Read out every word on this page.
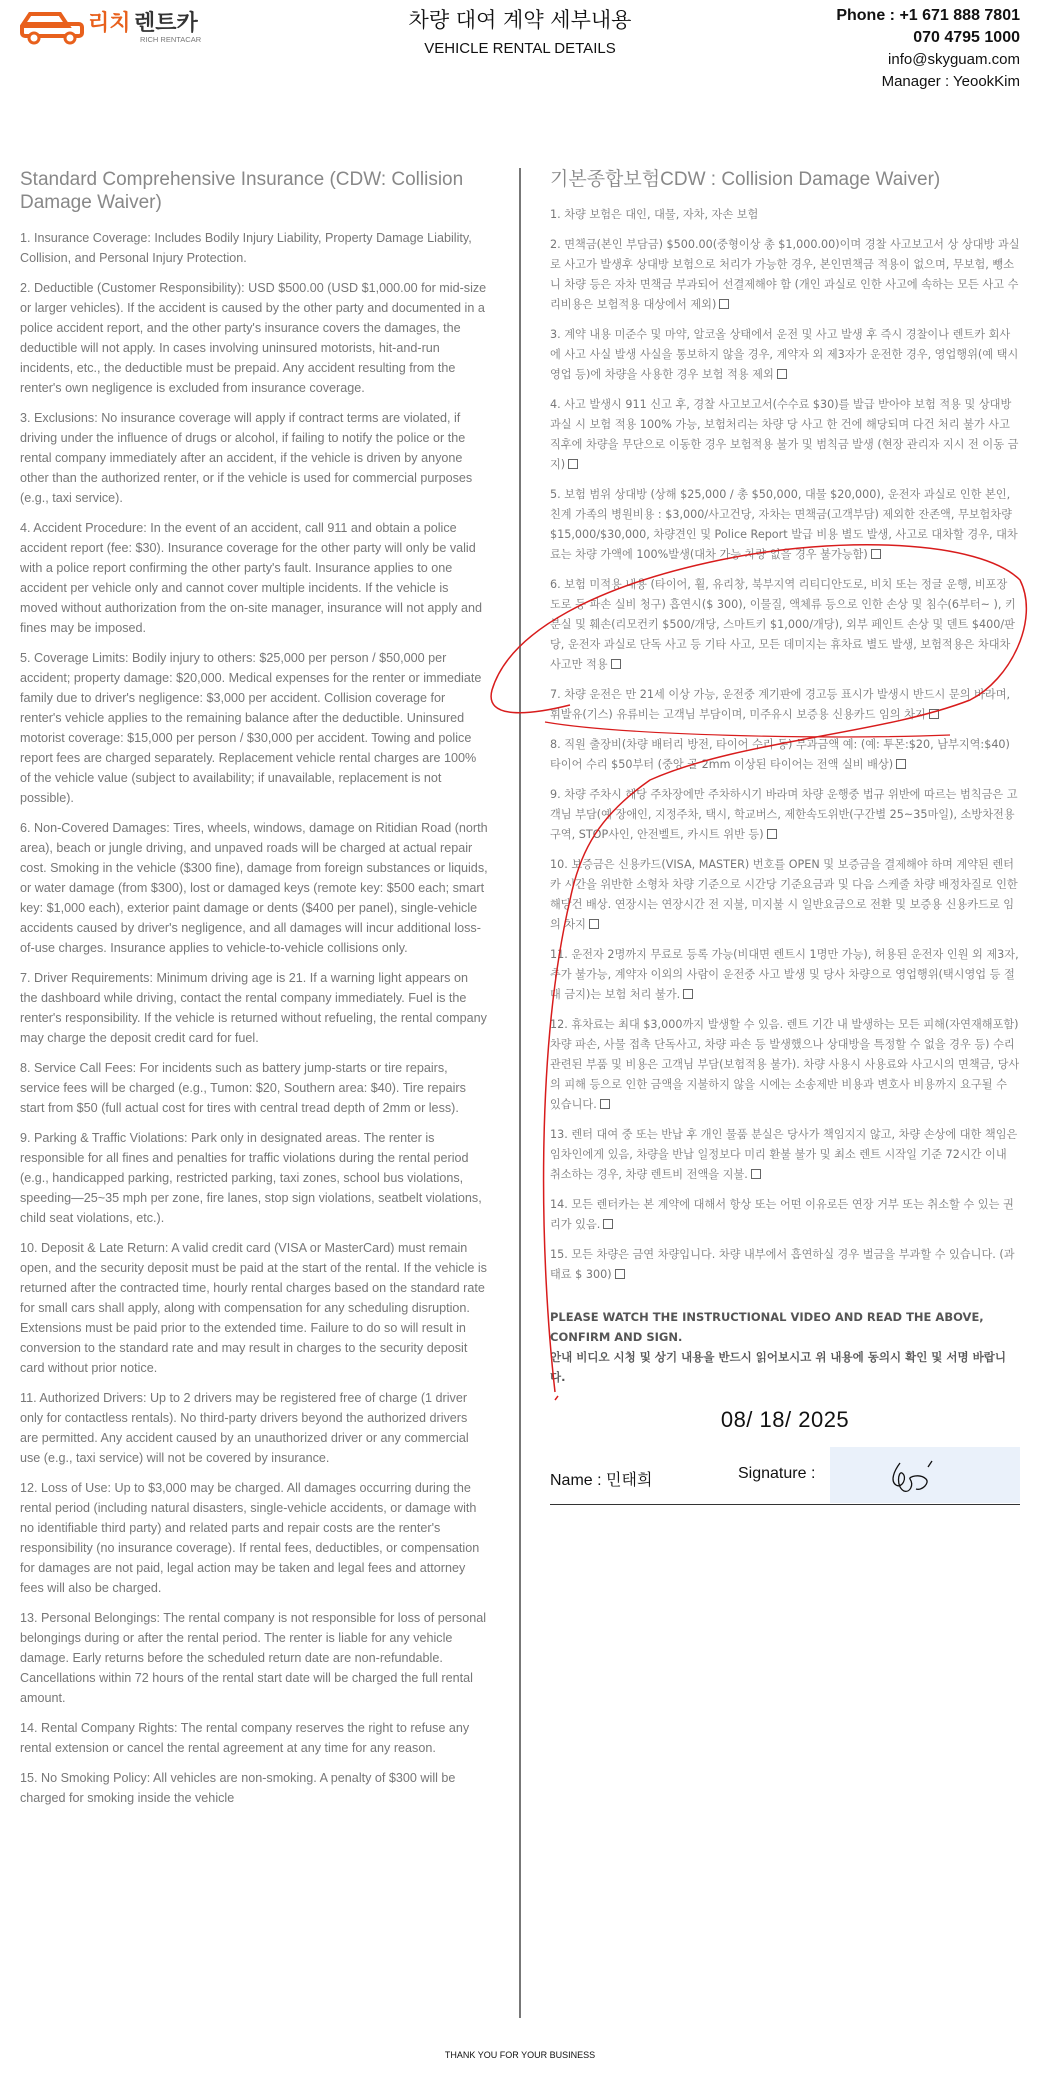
리치 렌트카
RICH RENTACAR
차량 대여 계약 세부내용
VEHICLE RENTAL DETAILS
Phone : +1 671 888 7801
070 4795 1000
info@skyguam.com
Manager : YeookKim
Standard Comprehensive Insurance (CDW: Collision Damage Waiver)
1. Insurance Coverage: Includes Bodily Injury Liability, Property Damage Liability, Collision, and Personal Injury Protection.
2. Deductible (Customer Responsibility): USD $500.00 (USD $1,000.00 for mid-size or larger vehicles). If the accident is caused by the other party and documented in a police accident report, and the other party's insurance covers the damages, the deductible will not apply. In cases involving uninsured motorists, hit-and-run incidents, etc., the deductible must be prepaid. Any accident resulting from the renter's own negligence is excluded from insurance coverage.
3. Exclusions: No insurance coverage will apply if contract terms are violated, if driving under the influence of drugs or alcohol, if failing to notify the police or the rental company immediately after an accident, if the vehicle is driven by anyone other than the authorized renter, or if the vehicle is used for commercial purposes (e.g., taxi service).
4. Accident Procedure: In the event of an accident, call 911 and obtain a police accident report (fee: $30). Insurance coverage for the other party will only be valid with a police report confirming the other party's fault. Insurance applies to one accident per vehicle only and cannot cover multiple incidents. If the vehicle is moved without authorization from the on-site manager, insurance will not apply and fines may be imposed.
5. Coverage Limits: Bodily injury to others: $25,000 per person / $50,000 per accident; property damage: $20,000. Medical expenses for the renter or immediate family due to driver's negligence: $3,000 per accident. Collision coverage for renter's vehicle applies to the remaining balance after the deductible. Uninsured motorist coverage: $15,000 per person / $30,000 per accident. Towing and police report fees are charged separately. Replacement vehicle rental charges are 100% of the vehicle value (subject to availability; if unavailable, replacement is not possible).
6. Non-Covered Damages: Tires, wheels, windows, damage on Ritidian Road (north area), beach or jungle driving, and unpaved roads will be charged at actual repair cost. Smoking in the vehicle ($300 fine), damage from foreign substances or liquids, or water damage (from $300), lost or damaged keys (remote key: $500 each; smart key: $1,000 each), exterior paint damage or dents ($400 per panel), single-vehicle accidents caused by driver's negligence, and all damages will incur additional loss-of-use charges. Insurance applies to vehicle-to-vehicle collisions only.
7. Driver Requirements: Minimum driving age is 21. If a warning light appears on the dashboard while driving, contact the rental company immediately. Fuel is the renter's responsibility. If the vehicle is returned without refueling, the rental company may charge the deposit credit card for fuel.
8. Service Call Fees: For incidents such as battery jump-starts or tire repairs, service fees will be charged (e.g., Tumon: $20, Southern area: $40). Tire repairs start from $50 (full actual cost for tires with central tread depth of 2mm or less).
9. Parking & Traffic Violations: Park only in designated areas. The renter is responsible for all fines and penalties for traffic violations during the rental period (e.g., handicapped parking, restricted parking, taxi zones, school bus violations, speeding—25~35 mph per zone, fire lanes, stop sign violations, seatbelt violations, child seat violations, etc.).
10. Deposit & Late Return: A valid credit card (VISA or MasterCard) must remain open, and the security deposit must be paid at the start of the rental. If the vehicle is returned after the contracted time, hourly rental charges based on the standard rate for small cars shall apply, along with compensation for any scheduling disruption. Extensions must be paid prior to the extended time. Failure to do so will result in conversion to the standard rate and may result in charges to the security deposit card without prior notice.
11. Authorized Drivers: Up to 2 drivers may be registered free of charge (1 driver only for contactless rentals). No third-party drivers beyond the authorized drivers are permitted. Any accident caused by an unauthorized driver or any commercial use (e.g., taxi service) will not be covered by insurance.
12. Loss of Use: Up to $3,000 may be charged. All damages occurring during the rental period (including natural disasters, single-vehicle accidents, or damage with no identifiable third party) and related parts and repair costs are the renter's responsibility (no insurance coverage). If rental fees, deductibles, or compensation for damages are not paid, legal action may be taken and legal fees and attorney fees will also be charged.
13. Personal Belongings: The rental company is not responsible for loss of personal belongings during or after the rental period. The renter is liable for any vehicle damage. Early returns before the scheduled return date are non-refundable. Cancellations within 72 hours of the rental start date will be charged the full rental amount.
14. Rental Company Rights: The rental company reserves the right to refuse any rental extension or cancel the rental agreement at any time for any reason.
15. No Smoking Policy: All vehicles are non-smoking. A penalty of $300 will be charged for smoking inside the vehicle
기본종합보험CDW : Collision Damage Waiver)
1. 차량 보험은 대인, 대물, 자차, 자손 보험
2. 면책금(본인 부담금) $500.00(중형이상 총 $1,000.00)이며 경찰 사고보고서 상 상대방 과실로 사고가 발생후 상대방 보험으로 처리가 가능한 경우, 본인면책금 적용이 없으며, 무보험, 뺑소니 차량 등은 자차 면책금 부과되어 선결제해야 함 (개인 과실로 인한 사고에 속하는 모든 사고 수리비용은 보험적용 대상에서 제외)
3. 계약 내용 미준수 및 마약, 알코올 상태에서 운전 및 사고 발생 후 즉시 경찰이나 렌트카 회사에 사고 사실 발생 사실을 통보하지 않을 경우, 계약자 외 제3자가 운전한 경우, 영업행위(예 택시영업 등)에 차량을 사용한 경우 보험 적용 제외
4. 사고 발생시 911 신고 후, 경찰 사고보고서(수수료 $30)를 발급 받아야 보험 적용 및 상대방 과실 시 보험 적용 100% 가능, 보험처리는 차량 당 사고 한 건에 해당되며 다건 처리 불가 사고 직후에 차량을 무단으로 이동한 경우 보험적용 불가 및 범칙금 발생 (현장 관리자 지시 전 이동 금지)
5. 보험 범위 상대방 (상해 $25,000 / 총 $50,000, 대물 $20,000), 운전자 과실로 인한 본인, 친계 가족의 병원비용 : $3,000/사고건당, 자차는 면책금(고객부담) 제외한 잔존액, 무보험차량 $15,000/$30,000, 차량견인 및 Police Report 발급 비용 별도 발생, 사고로 대차할 경우, 대차 료는 차량 가액에 100%발생(대차 가능 차량 없을 경우 불가능함)
6. 보험 미적용 내용 (타이어, 휠, 유리창, 북부지역 리티디안도로, 비치 또는 정글 운행, 비포장 도로 등 파손 실비 청구) 흡연시($ 300), 이물질, 액체류 등으로 인한 손상 및 침수(6부터~ ), 키 분실 및 훼손(리모컨키 $500/개당, 스마트키 $1,000/개당), 외부 페인트 손상 및 덴트 $400/판당, 운전자 과실로 단독 사고 등 기타 사고, 모든 데미지는 휴차료 별도 발생, 보험적용은 차대차 사고만 적용
7. 차량 운전은 만 21세 이상 가능, 운전중 계기판에 경고등 표시가 발생시 반드시 문의 바라며, 휘발유(기스) 유류비는 고객님 부담이며, 미주유시 보증용 신용카드 임의 차지
8. 직원 출장비(차량 배터리 방전, 타이어 수리 등) 부과금액 예: (예: 투몬:$20, 남부지역:$40) 타이어 수리 $50부터 (중앙 골 2mm 이상된 타이어는 전액 실비 배상)
9. 차량 주차시 해당 주차장에만 주차하시기 바라며 차량 운행중 법규 위반에 따르는 범칙금은 고객님 부담(예 장애인, 지정주차, 택시, 학교버스, 제한속도위반(구간별 25~35마일), 소방차전용 구역, STOP사인, 안전벨트, 카시트 위반 등)
10. 보증금은 신용카드(VISA, MASTER) 번호를 OPEN 및 보증금을 결제해야 하며 계약된 렌터카 시간을 위반한 소형차 차량 기준으로 시간당 기준요금과 및 다음 스케줄 차량 배정차질로 인한 해당건 배상. 연장시는 연장시간 전 지불, 미지불 시 일반요금으로 전환 및 보증용 신용카드로 임의 차지
11. 운전자 2명까지 무료로 등록 가능(비대면 렌트시 1명만 가능), 허용된 운전자 인원 외 제3자, 추가 불가능, 계약자 이외의 사람이 운전중 사고 발생 및 당사 차량으로 영업행위(택시영업 등 절대 금지)는 보험 처리 불가.
12. 휴차료는 최대 $3,000까지 발생할 수 있음. 렌트 기간 내 발생하는 모든 피해(자연재해포함) 차량 파손, 사물 접촉 단독사고, 차량 파손 등 발생했으나 상대방을 특정할 수 없을 경우 등) 수리 관련된 부품 및 비용은 고객님 부담(보험적용 불가). 차량 사용시 사용료와 사고시의 면책금, 당사의 피해 등으로 인한 금액을 지불하지 않을 시에는 소송제반 비용과 변호사 비용까지 요구될 수 있습니다.
13. 렌터 대여 중 또는 반납 후 개인 물품 분실은 당사가 책임지지 않고, 차량 손상에 대한 책임은 임차인에게 있음, 차량을 반납 일정보다 미리 환불 불가 및 최소 렌트 시작일 기준 72시간 이내 취소하는 경우, 차량 렌트비 전액을 지불.
14. 모든 렌터카는 본 계약에 대해서 항상 또는 어떤 이유로든 연장 거부 또는 취소할 수 있는 권리가 있음.
15. 모든 차량은 금연 차량입니다. 차량 내부에서 흡연하실 경우 벌금을 부과할 수 있습니다. (과태료 $ 300)
PLEASE WATCH THE INSTRUCTIONAL VIDEO AND READ THE ABOVE, CONFIRM AND SIGN.
안내 비디오 시청 및 상기 내용을 반드시 읽어보시고 위 내용에 동의시 확인 및 서명 바랍니다.
08/ 18/ 2025
Name : 민태희	Signature :
THANK YOU FOR YOUR BUSINESS
